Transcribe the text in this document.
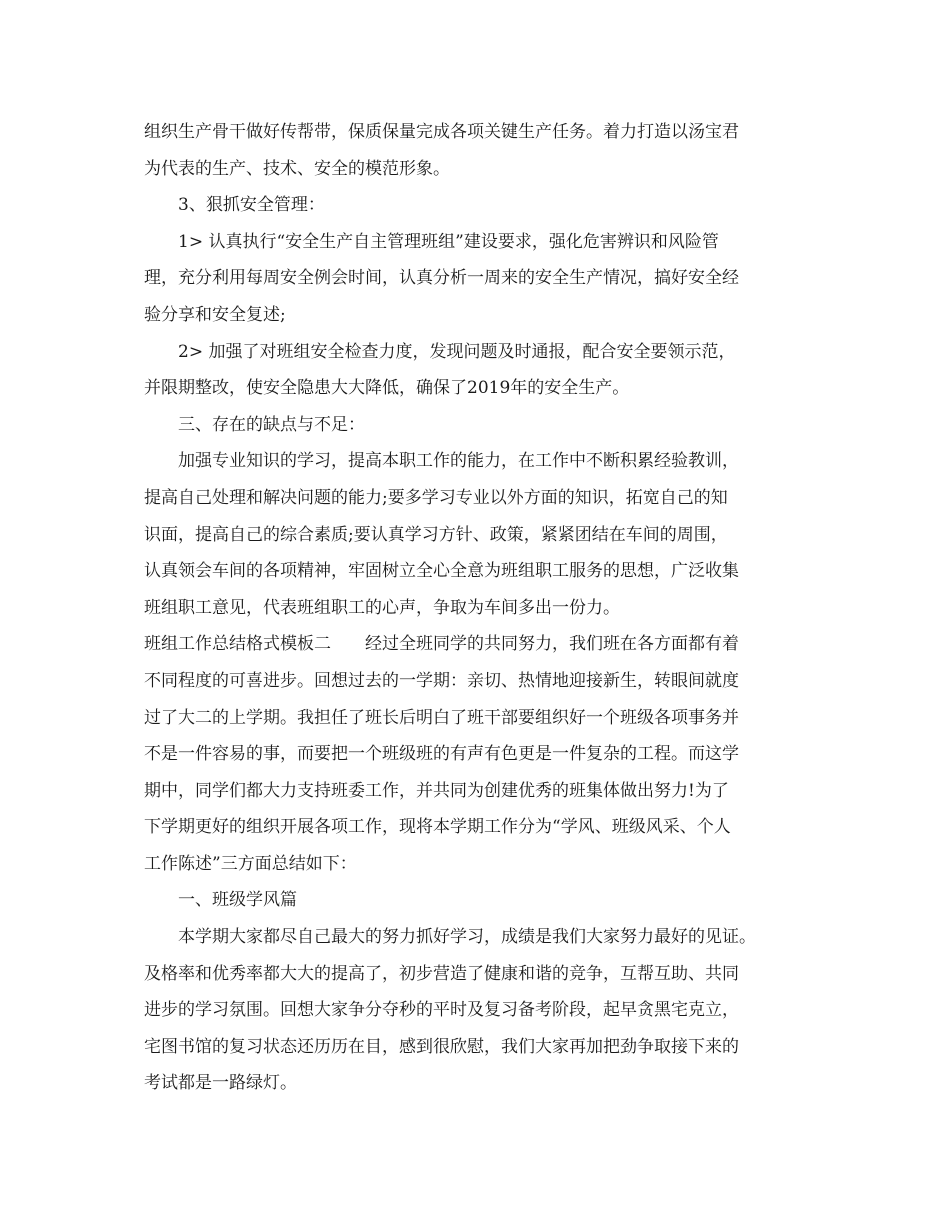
组织生产骨干做好传帮带，保质保量完成各项关键生产任务。着力打造以汤宝君
为代表的生产、技术、安全的模范形象。
3、狠抓安全管理：
1> 认真执行“安全生产自主管理班组”建设要求，强化危害辨识和风险管
理，充分利用每周安全例会时间，认真分析一周来的安全生产情况，搞好安全经
验分享和安全复述;
2> 加强了对班组安全检查力度，发现问题及时通报，配合安全要领示范，
并限期整改，使安全隐患大大降低，确保了2019年的安全生产。
三、存在的缺点与不足：
加强专业知识的学习，提高本职工作的能力，在工作中不断积累经验教训，
提高自己处理和解决问题的能力;要多学习专业以外方面的知识，拓宽自己的知
识面，提高自己的综合素质;要认真学习方针、政策，紧紧团结在车间的周围，
认真领会车间的各项精神，牢固树立全心全意为班组职工服务的思想，广泛收集
班组职工意见，代表班组职工的心声，争取为车间多出一份力。
班组工作总结格式模板二　　经过全班同学的共同努力，我们班在各方面都有着
不同程度的可喜进步。回想过去的一学期：亲切、热情地迎接新生，转眼间就度
过了大二的上学期。我担任了班长后明白了班干部要组织好一个班级各项事务并
不是一件容易的事，而要把一个班级班的有声有色更是一件复杂的工程。而这学
期中，同学们都大力支持班委工作，并共同为创建优秀的班集体做出努力!为了
下学期更好的组织开展各项工作，现将本学期工作分为“学风、班级风采、个人
工作陈述”三方面总结如下：
一、班级学风篇
本学期大家都尽自己最大的努力抓好学习，成绩是我们大家努力最好的见证。
及格率和优秀率都大大的提高了，初步营造了健康和谐的竞争，互帮互助、共同
进步的学习氛围。回想大家争分夺秒的平时及复习备考阶段，起早贪黑宅克立，
宅图书馆的复习状态还历历在目，感到很欣慰，我们大家再加把劲争取接下来的
考试都是一路绿灯。
